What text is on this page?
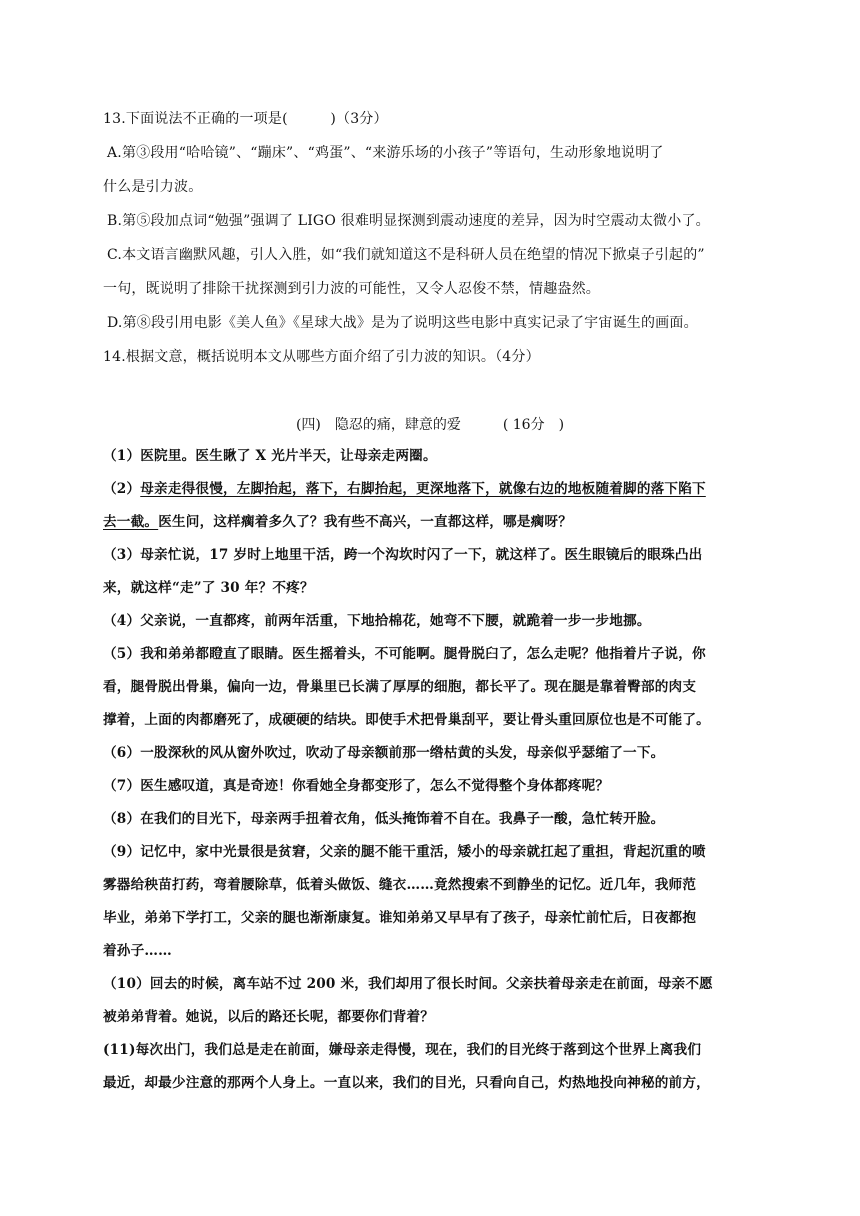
13.下面说法不正确的一项是(　　　)（3分）
A.第③段用“哈哈镜”、“蹦床”、“鸡蛋”、“来游乐场的小孩子”等语句，生动形象地说明了
什么是引力波。
B.第⑤段加点词“勉强”强调了 LIGO 很难明显探测到震动速度的差异，因为时空震动太微小了。
C.本文语言幽默风趣，引人入胜，如“我们就知道这不是科研人员在绝望的情况下掀桌子引起的”
一句，既说明了排除干扰探测到引力波的可能性，又令人忍俊不禁，情趣盎然。
D.第⑧段引用电影《美人鱼》《星球大战》是为了说明这些电影中真实记录了宇宙诞生的画面。
14.根据文意，概括说明本文从哪些方面介绍了引力波的知识。（4分）
(四)　隐忍的痛，肆意的爱　　　( 16分　)
（1）医院里。医生瞅了 X 光片半天，让母亲走两圈。
（2）母亲走得很慢，左脚抬起，落下，右脚抬起，更深地落下，就像右边的地板随着脚的落下陷下
去一截。医生问，这样瘸着多久了？我有些不高兴，一直都这样，哪是瘸呀？
（3）母亲忙说，17 岁时上地里干活，跨一个沟坎时闪了一下，就这样了。医生眼镜后的眼珠凸出
来，就这样“走”了 30 年？不疼？
（4）父亲说，一直都疼，前两年活重，下地拾棉花，她弯不下腰，就跪着一步一步地挪。
（5）我和弟弟都瞪直了眼睛。医生摇着头，不可能啊。腿骨脱臼了，怎么走呢？他指着片子说，你
看，腿骨脱出骨巢，偏向一边，骨巢里已长满了厚厚的细胞，都长平了。现在腿是靠着臀部的肉支
撑着，上面的肉都磨死了，成硬硬的结块。即使手术把骨巢刮平，要让骨头重回原位也是不可能了。
（6）一股深秋的风从窗外吹过，吹动了母亲额前那一绺枯黄的头发，母亲似乎瑟缩了一下。
（7）医生感叹道，真是奇迹！你看她全身都变形了，怎么不觉得整个身体都疼呢？
（8）在我们的目光下，母亲两手扭着衣角，低头掩饰着不自在。我鼻子一酸，急忙转开脸。
（9）记忆中，家中光景很是贫窘，父亲的腿不能干重活，矮小的母亲就扛起了重担，背起沉重的喷
雾器给秧苗打药，弯着腰除草，低着头做饭、缝衣……竟然搜索不到静坐的记忆。近几年，我师范
毕业，弟弟下学打工，父亲的腿也渐渐康复。谁知弟弟又早早有了孩子，母亲忙前忙后，日夜都抱
着孙子……
（10）回去的时候，离车站不过 200 米，我们却用了很长时间。父亲扶着母亲走在前面，母亲不愿
被弟弟背着。她说，以后的路还长呢，都要你们背着？
(11)每次出门，我们总是走在前面，嫌母亲走得慢，现在，我们的目光终于落到这个世界上离我们
最近，却最少注意的那两个人身上。一直以来，我们的目光，只看向自己，灼热地投向神秘的前方，
